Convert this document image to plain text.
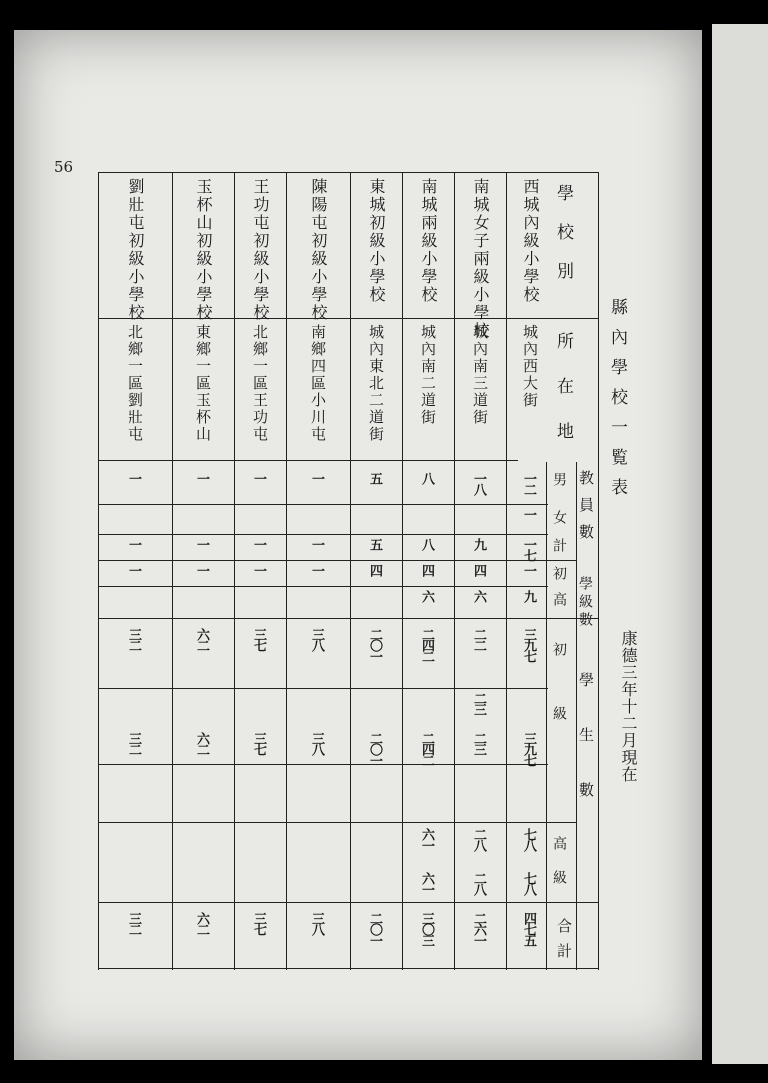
56
縣內學校一覧表
康德三年十二月現在
學校別
所在地
教員數
男
女
計
學級數
初
高
學生數
初級
高級
合計
西城內級小學校
城內西大街
一二
一
一七
一
九
三九七
三九七
七八
七八
四七五
南城女子兩級小學校
城內南三道街
一八
九
四
六
二二
二三
二三
二八
二八
二六一
南城兩級小學校
城內南二道街
八
八
四
六
二四二
二四二
六一
六一
三〇三
東城初級小學校
城內東北二道街
五
五
四
二〇一
二〇一
二〇一
陳陽屯初級小學校
南鄉四區小川屯
一
一
一
三八
三八
三八
王功屯初級小學校
北鄉一區王功屯
一
一
一
三七
三七
三七
玉杯山初級小學校
東鄉一區玉杯山
一
一
一
六二
六二
六二
劉壯屯初級小學校
北鄉一區劉壯屯
一
一
一
三二
三二
三二
